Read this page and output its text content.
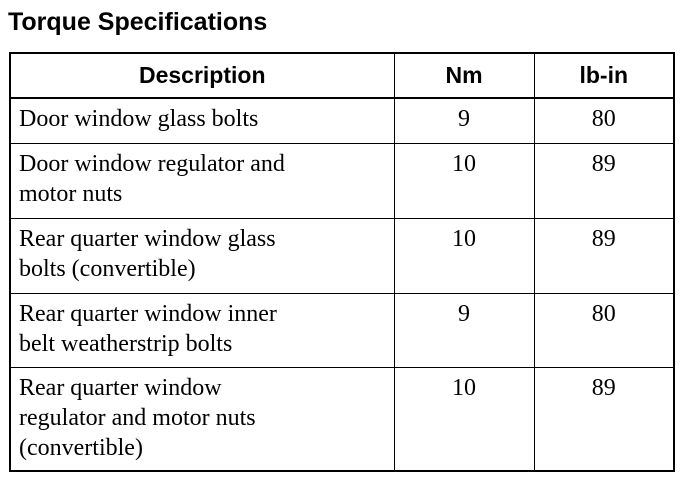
Torque Specifications
Description	Nm	lb-in

Door window glass bolts	9	80

Door window regulator and
motor nuts	10	89

Rear quarter window glass
bolts (convertible)	10	89

Rear quarter window inner
belt weatherstrip bolts	9	80

Rear quarter window
regulator and motor nuts
(convertible)	10	89
